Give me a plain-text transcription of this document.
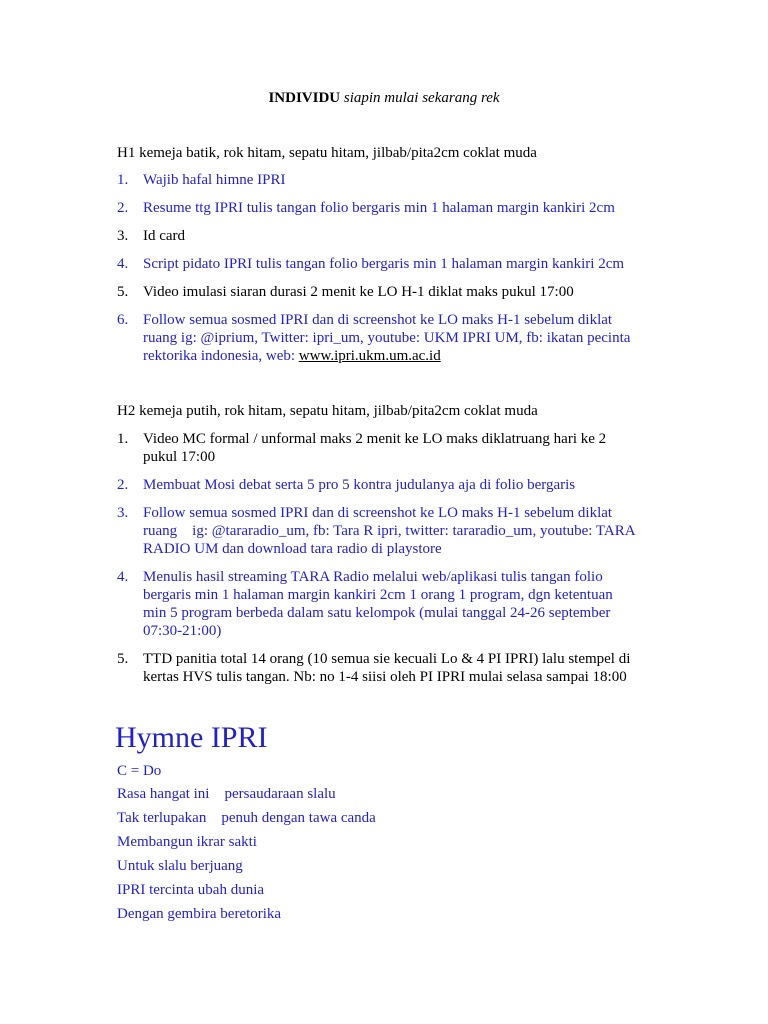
INDIVIDU siapin mulai sekarang rek
H1 kemeja batik, rok hitam, sepatu hitam, jilbab/pita2cm coklat muda
1. Wajib hafal himne IPRI
2. Resume ttg IPRI tulis tangan folio bergaris min 1 halaman margin kankiri 2cm
3. Id card
4. Script pidato IPRI tulis tangan folio bergaris min 1 halaman margin kankiri 2cm
5. Video imulasi siaran durasi 2 menit ke LO H-1 diklat maks pukul 17:00
6. Follow semua sosmed IPRI dan di screenshot ke LO maks H-1 sebelum diklat ruang ig: @iprium, Twitter: ipri_um, youtube: UKM IPRI UM, fb: ikatan pecinta rektorika indonesia, web: www.ipri.ukm.um.ac.id
H2 kemeja putih, rok hitam, sepatu hitam, jilbab/pita2cm coklat muda
1. Video MC formal / unformal maks 2 menit ke LO maks diklatruang hari ke 2 pukul 17:00
2. Membuat Mosi debat serta 5 pro 5 kontra judulanya aja di folio bergaris
3. Follow semua sosmed IPRI dan di screenshot ke LO maks H-1 sebelum diklat ruang    ig: @tararadio_um, fb: Tara R ipri, twitter: tararadio_um, youtube: TARA RADIO UM dan download tara radio di playstore
4. Menulis hasil streaming TARA Radio melalui web/aplikasi tulis tangan folio bergaris min 1 halaman margin kankiri 2cm 1 orang 1 program, dgn ketentuan min 5 program berbeda dalam satu kelompok (mulai tanggal 24-26 september 07:30-21:00)
5. TTD panitia total 14 orang (10 semua sie kecuali Lo & 4 PI IPRI) lalu stempel di kertas HVS tulis tangan. Nb: no 1-4 siisi oleh PI IPRI mulai selasa sampai 18:00
Hymne IPRI
C = Do
Rasa hangat ini    persaudaraan slalu
Tak terlupakan    penuh dengan tawa canda
Membangun ikrar sakti
Untuk slalu berjuang
IPRI tercinta ubah dunia
Dengan gembira beretorika
